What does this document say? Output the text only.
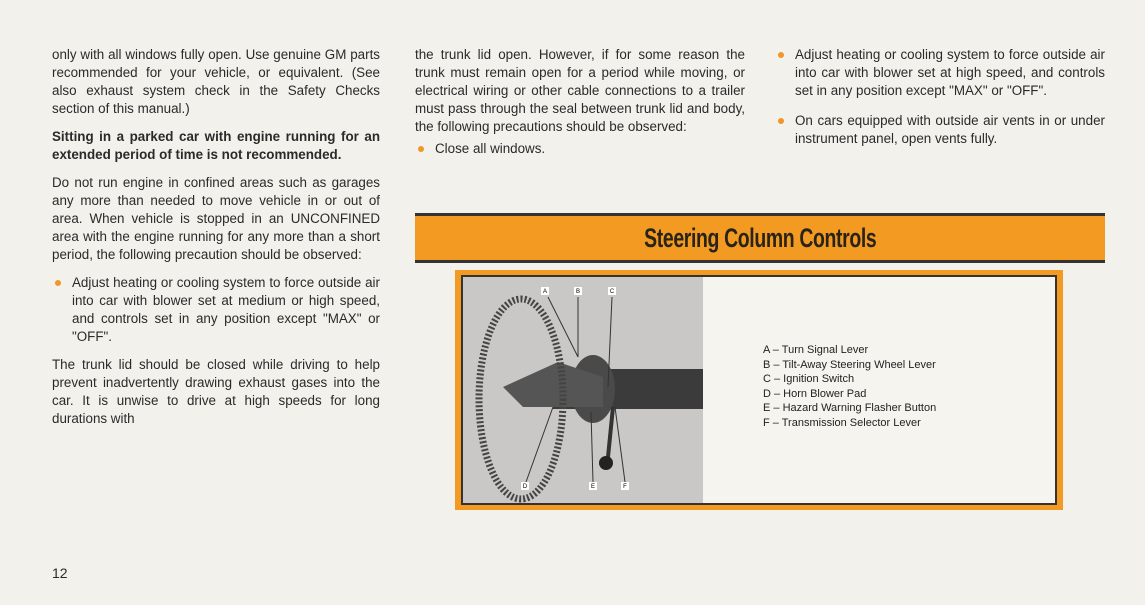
only with all windows fully open. Use genuine GM parts recommended for your vehicle, or equivalent. (See also exhaust system check in the Safety Checks section of this manual.)

Sitting in a parked car with engine running for an extended period of time is not recommended.

Do not run engine in confined areas such as garages any more than needed to move vehicle in or out of area. When vehicle is stopped in an UNCONFINED area with the engine running for any more than a short period, the following precaution should be observed:

Adjust heating or cooling system to force outside air into car with blower set at medium or high speed, and controls set in any position except "MAX" or "OFF".

The trunk lid should be closed while driving to help prevent inadvertently drawing exhaust gases into the car. It is unwise to drive at high speeds for long durations with

12

the trunk lid open. However, if for some reason the trunk must remain open for a period while moving, or electrical wiring or other cable connections to a trailer must pass through the seal between trunk lid and body, the following precautions should be observed:

Close all windows.

Adjust heating or cooling system to force outside air into car with blower set at high speed, and controls set in any position except "MAX" or "OFF".

On cars equipped with outside air vents in or under instrument panel, open vents fully.

Steering Column Controls
A	B	C
D	E	F
A – Turn Signal Lever
B – Tilt-Away Steering Wheel Lever
C – Ignition Switch
D – Horn Blower Pad
E – Hazard Warning Flasher Button
F – Transmission Selector Lever
